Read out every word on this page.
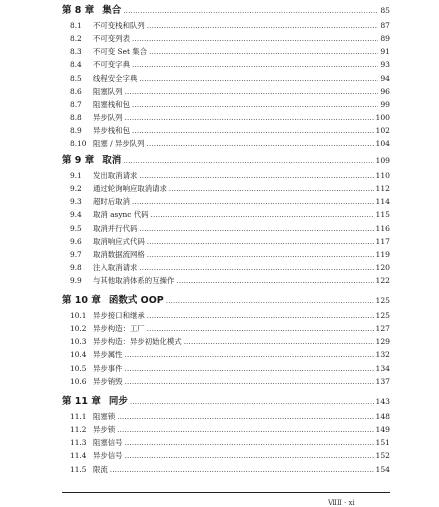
第 8 章 集合 .....	85
8.1	不可变栈和队列 .....	87
8.2	不可变列表 .....	89
8.3	不可变 Set 集合 .....	91
8.4	不可变字典 .....	93
8.5	线程安全字典 .....	94
8.6	阻塞队列 .....	96
8.7	阻塞栈和包 .....	99
8.8	异步队列 .....	100
8.9	异步栈和包 .....	102
8.10 阻塞 / 异步队列 .....	104
第 9 章 取消 .....	109
9.1	发出取消请求 .....	110
9.2	通过轮询响应取消请求 .....	112
9.3	超时后取消 .....	114
9.4	取消 async 代码 .....	115
9.5	取消并行代码 .....	116
9.6	取消响应式代码 .....	117
9.7	取消数据流网格 .....	119
9.8	注入取消请求 .....	120
9.9	与其他取消体系的互操作 .....	122
第 10 章 函数式 OOP .....	125
10.1 异步接口和继承 .....	125
10.2 异步构造：工厂 .....	127
10.3 异步构造：异步初始化模式 .....	129
10.4 异步属性 .....	132
10.5 异步事件 .....	134
10.6 异步销毁 .....	137
第 11 章 同步 .....	143
11.1 阻塞锁 .....	148
11.2 异步锁 .....	149
11.3 阻塞信号 .....	151
11.4 异步信号 .....	152
11.5 限流 .....	154
ⅦⅡ · ⅺ
